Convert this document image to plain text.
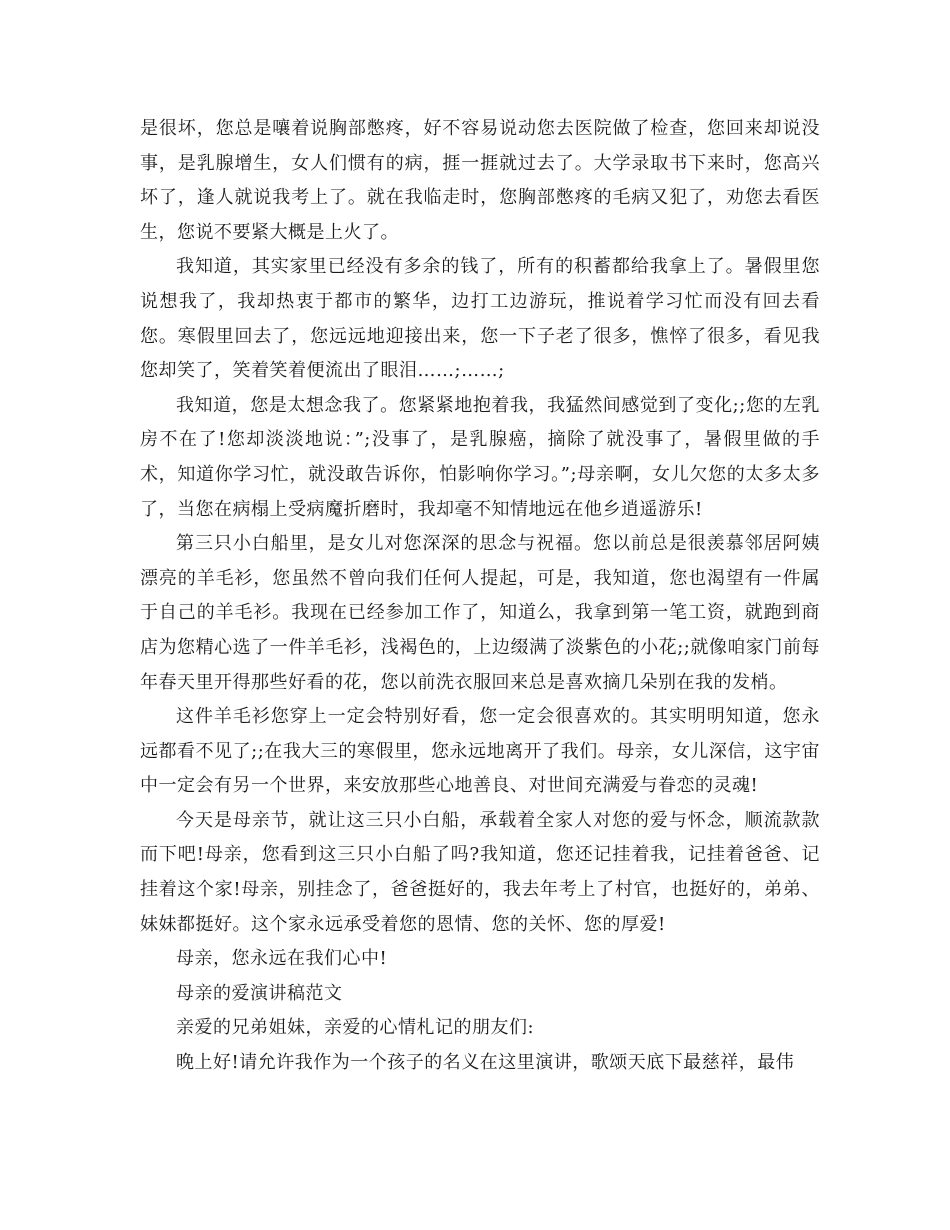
是很坏，您总是嚷着说胸部憋疼，好不容易说动您去医院做了检查，您回来却说没事，是乳腺增生，女人们惯有的病，捱一捱就过去了。大学录取书下来时，您高兴坏了，逢人就说我考上了。就在我临走时，您胸部憋疼的毛病又犯了，劝您去看医生，您说不要紧大概是上火了。

我知道，其实家里已经没有多余的钱了，所有的积蓄都给我拿上了。暑假里您说想我了，我却热衷于都市的繁华，边打工边游玩，推说着学习忙而没有回去看您。寒假里回去了，您远远地迎接出来，您一下子老了很多，憔悴了很多，看见我您却笑了，笑着笑着便流出了眼泪……;……;

我知道，您是太想念我了。您紧紧地抱着我，我猛然间感觉到了变化;;您的左乳房不在了!您却淡淡地说：”;没事了，是乳腺癌，摘除了就没事了，暑假里做的手术，知道你学习忙，就没敢告诉你，怕影响你学习。”;母亲啊，女儿欠您的太多太多了，当您在病榻上受病魔折磨时，我却毫不知情地远在他乡逍遥游乐!

第三只小白船里，是女儿对您深深的思念与祝福。您以前总是很羡慕邻居阿姨漂亮的羊毛衫，您虽然不曾向我们任何人提起，可是，我知道，您也渴望有一件属于自己的羊毛衫。我现在已经参加工作了，知道么，我拿到第一笔工资，就跑到商店为您精心选了一件羊毛衫，浅褐色的，上边缀满了淡紫色的小花;;就像咱家门前每年春天里开得那些好看的花，您以前洗衣服回来总是喜欢摘几朵别在我的发梢。

这件羊毛衫您穿上一定会特别好看，您一定会很喜欢的。其实明明知道，您永远都看不见了;;在我大三的寒假里，您永远地离开了我们。母亲，女儿深信，这宇宙中一定会有另一个世界，来安放那些心地善良、对世间充满爱与眷恋的灵魂!

今天是母亲节，就让这三只小白船，承载着全家人对您的爱与怀念，顺流款款而下吧!母亲，您看到这三只小白船了吗?我知道，您还记挂着我，记挂着爸爸、记挂着这个家!母亲，别挂念了，爸爸挺好的，我去年考上了村官，也挺好的，弟弟、妹妹都挺好。这个家永远承受着您的恩情、您的关怀、您的厚爱!

母亲，您永远在我们心中!

母亲的爱演讲稿范文

亲爱的兄弟姐妹，亲爱的心情札记的朋友们:

晚上好!请允许我作为一个孩子的名义在这里演讲，歌颂天底下最慈祥，最伟
